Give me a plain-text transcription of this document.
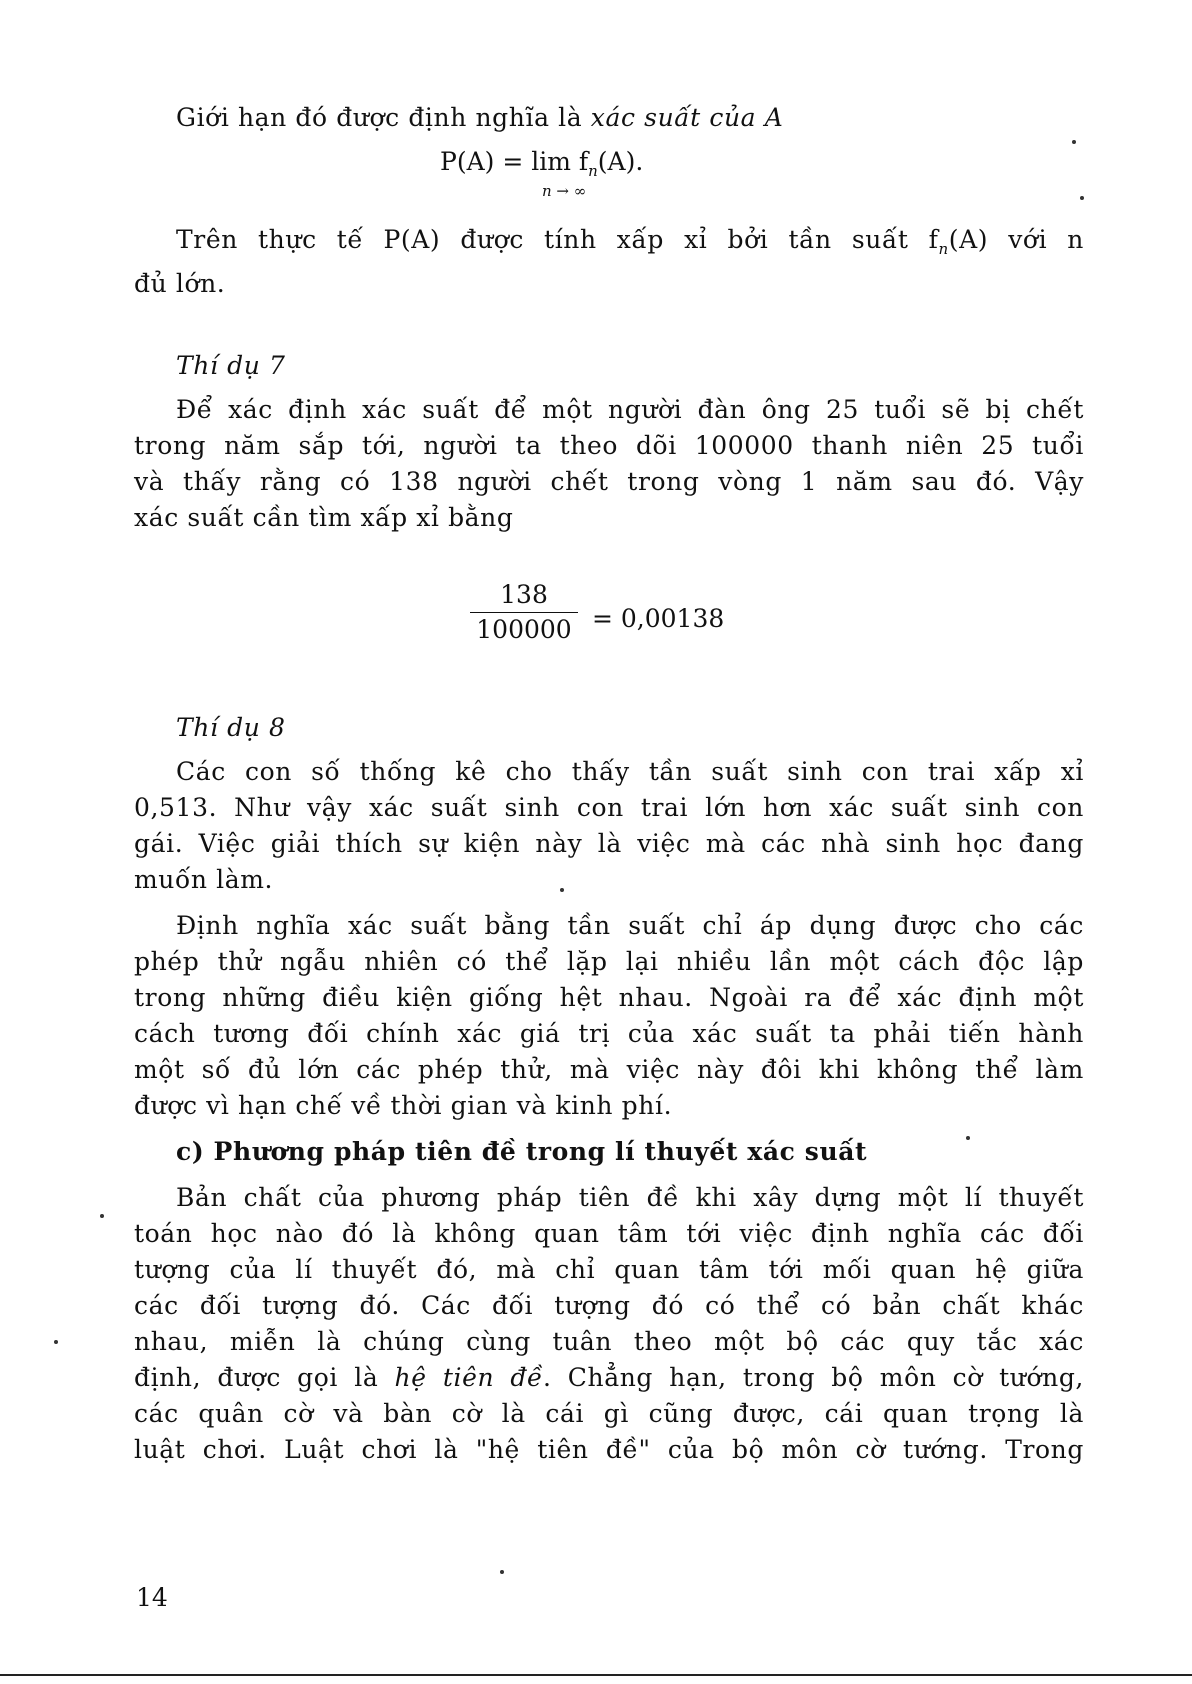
Giới hạn đó được định nghĩa là xác suất của A
$P(A) = \lim f_n(A)$.
n → ∞
Trên thực tế P(A) được tính xấp xỉ bởi tần suất $f_n(A)$ với n
đủ lớn.
Thí dụ 7
Để xác định xác suất để một người đàn ông 25 tuổi sẽ bị chết
trong năm sắp tới, người ta theo dõi 100000 thanh niên 25 tuổi
và thấy rằng có 138 người chết trong vòng 1 năm sau đó. Vậy
xác suất cần tìm xấp xỉ bằng
138
100000 = 0,00138
Thí dụ 8
Các con số thống kê cho thấy tần suất sinh con trai xấp xỉ
0,513. Như vậy xác suất sinh con trai lớn hơn xác suất sinh con
gái. Việc giải thích sự kiện này là việc mà các nhà sinh học đang
muốn làm.
Định nghĩa xác suất bằng tần suất chỉ áp dụng được cho các
phép thử ngẫu nhiên có thể lặp lại nhiều lần một cách độc lập
trong những điều kiện giống hệt nhau. Ngoài ra để xác định một
cách tương đối chính xác giá trị của xác suất ta phải tiến hành
một số đủ lớn các phép thử, mà việc này đôi khi không thể làm
được vì hạn chế về thời gian và kinh phí.
c) Phương pháp tiên đề trong lí thuyết xác suất
Bản chất của phương pháp tiên đề khi xây dựng một lí thuyết
toán học nào đó là không quan tâm tới việc định nghĩa các đối
tượng của lí thuyết đó, mà chỉ quan tâm tới mối quan hệ giữa
các đối tượng đó. Các đối tượng đó có thể có bản chất khác
nhau, miễn là chúng cùng tuân theo một bộ các quy tắc xác
định, được gọi là hệ tiên đề. Chẳng hạn, trong bộ môn cờ tướng,
các quân cờ và bàn cờ là cái gì cũng được, cái quan trọng là
luật chơi. Luật chơi là "hệ tiên đề" của bộ môn cờ tướng. Trong
14
